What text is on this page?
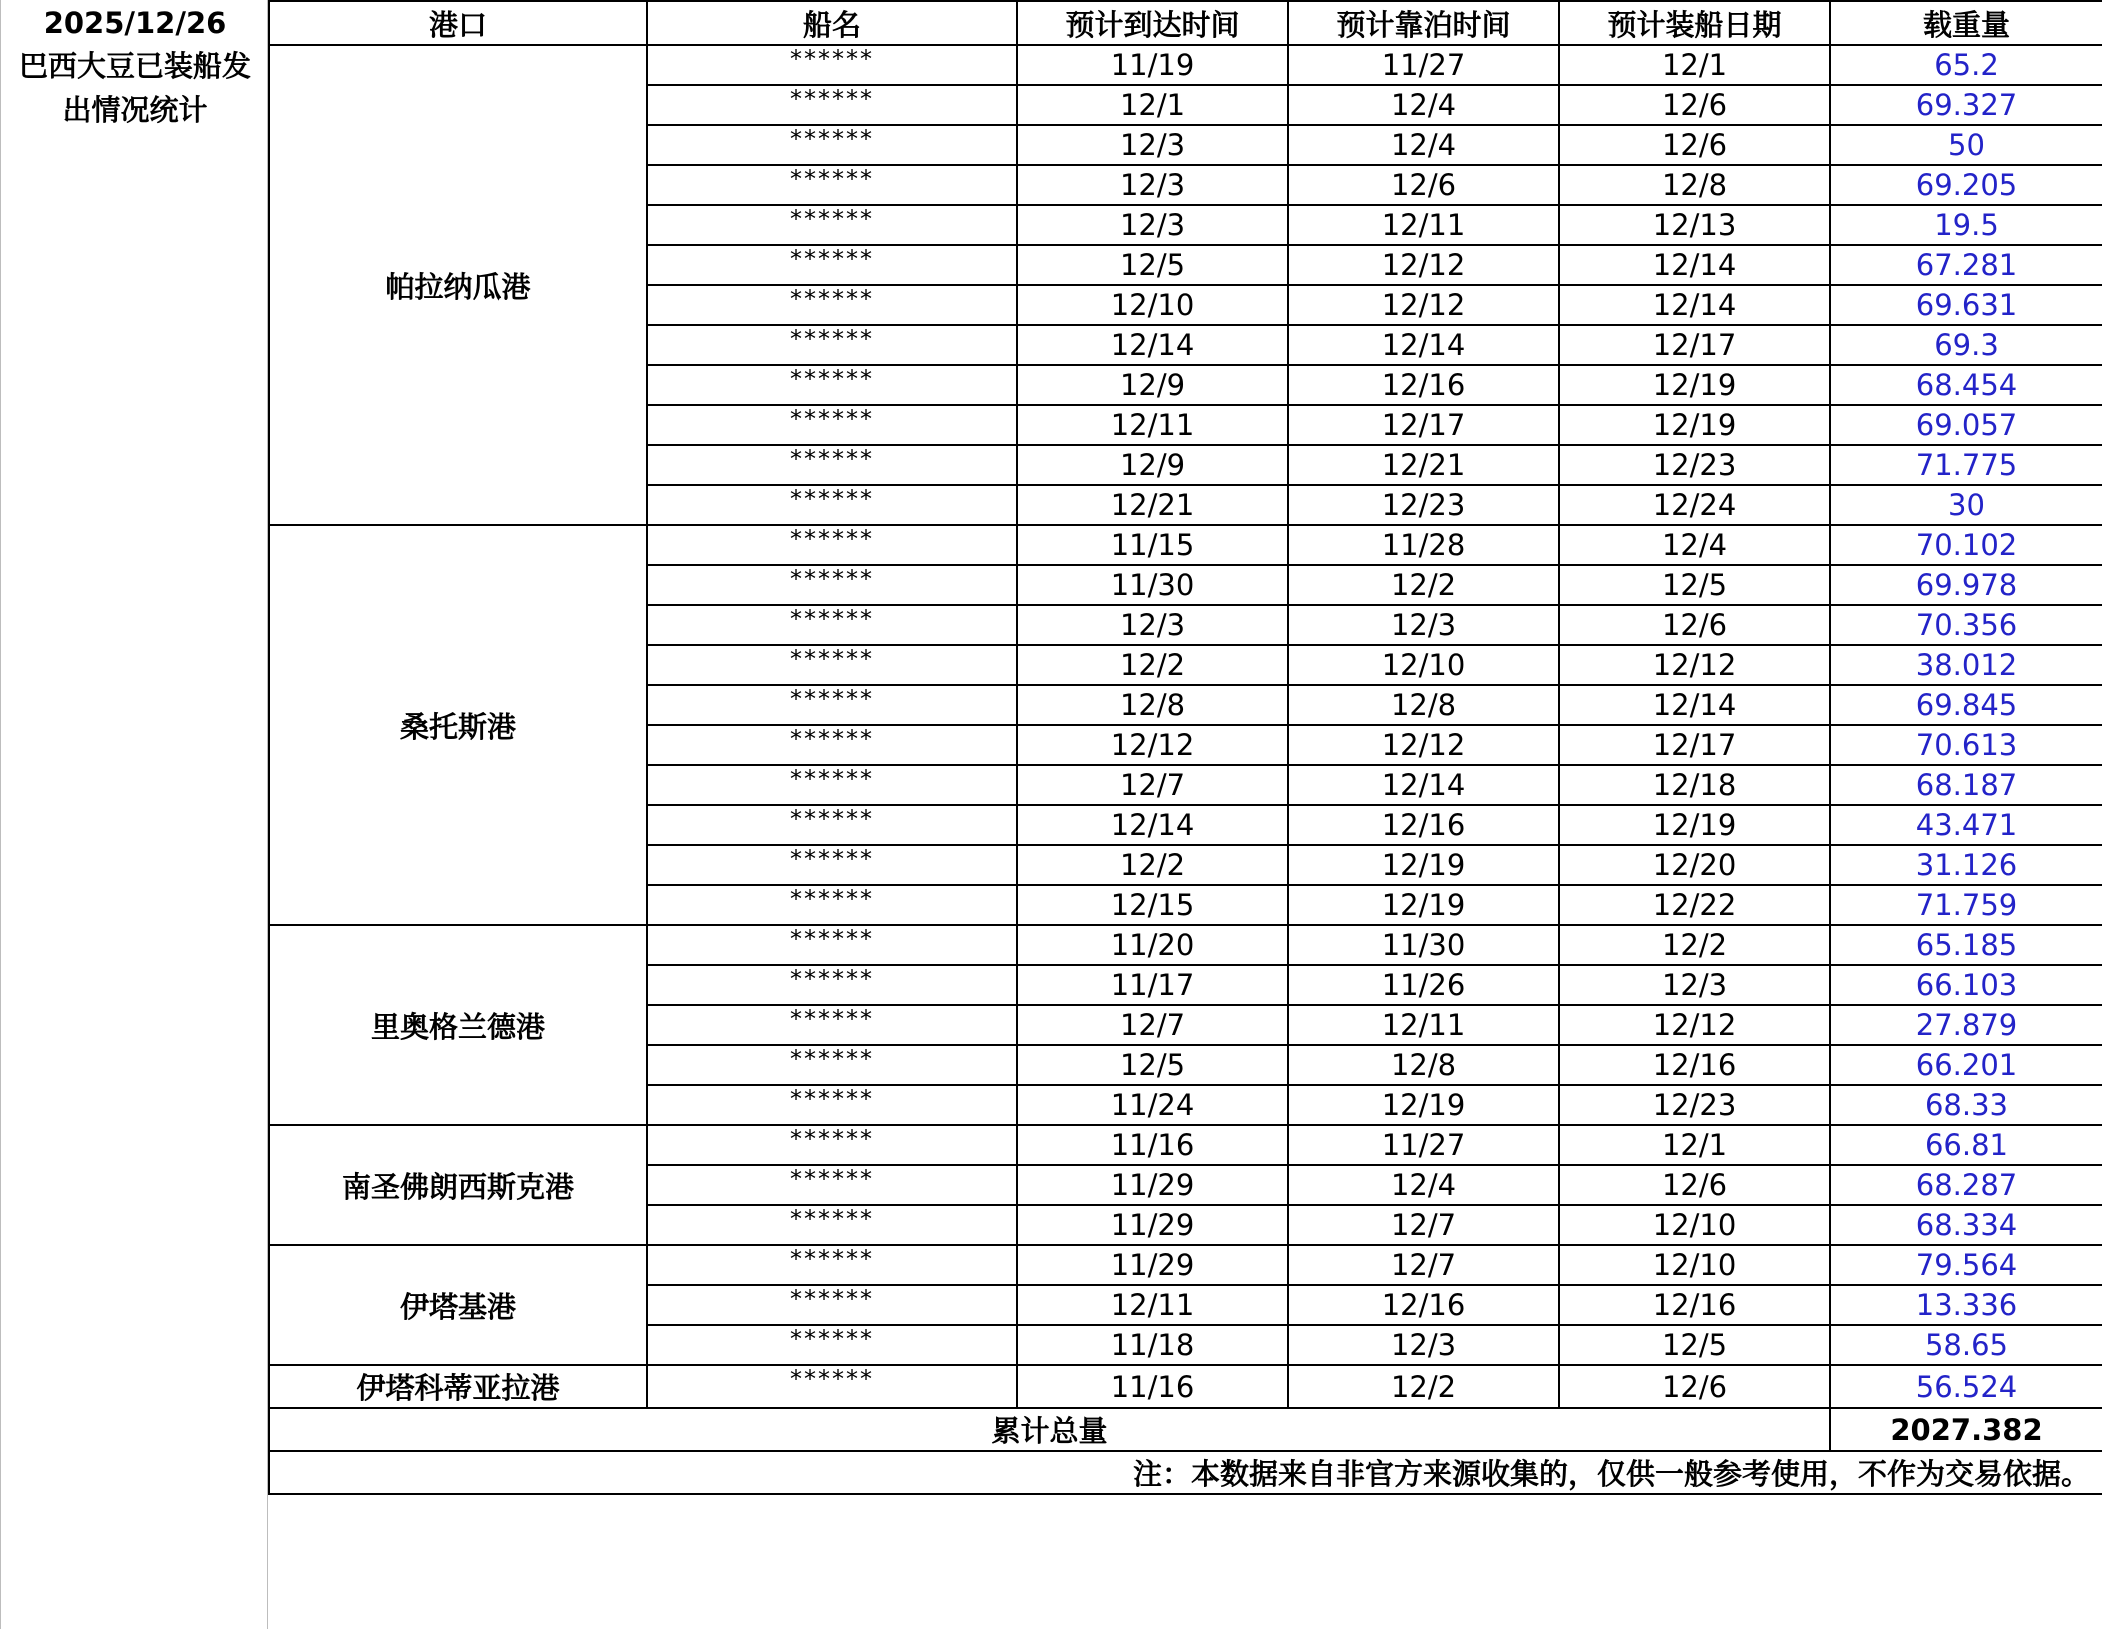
2025/12/26
巴西大豆已装船发出情况统计
港口	船名	预计到达时间	预计靠泊时间	预计装船日期	载重量
帕拉纳瓜港	******	11/19	11/27	12/1	65.2
	******	12/1	12/4	12/6	69.327
	******	12/3	12/4	12/6	50
	******	12/3	12/6	12/8	69.205
	******	12/3	12/11	12/13	19.5
	******	12/5	12/12	12/14	67.281
	******	12/10	12/12	12/14	69.631
	******	12/14	12/14	12/17	69.3
	******	12/9	12/16	12/19	68.454
	******	12/11	12/17	12/19	69.057
	******	12/9	12/21	12/23	71.775
	******	12/21	12/23	12/24	30
桑托斯港	******	11/15	11/28	12/4	70.102
	******	11/30	12/2	12/5	69.978
	******	12/3	12/3	12/6	70.356
	******	12/2	12/10	12/12	38.012
	******	12/8	12/8	12/14	69.845
	******	12/12	12/12	12/17	70.613
	******	12/7	12/14	12/18	68.187
	******	12/14	12/16	12/19	43.471
	******	12/2	12/19	12/20	31.126
	******	12/15	12/19	12/22	71.759
里奥格兰德港	******	11/20	11/30	12/2	65.185
	******	11/17	11/26	12/3	66.103
	******	12/7	12/11	12/12	27.879
	******	12/5	12/8	12/16	66.201
	******	11/24	12/19	12/23	68.33
南圣佛朗西斯克港	******	11/16	11/27	12/1	66.81
	******	11/29	12/4	12/6	68.287
	******	11/29	12/7	12/10	68.334
伊塔基港	******	11/29	12/7	12/10	79.564
	******	12/11	12/16	12/16	13.336
	******	11/18	12/3	12/5	58.65
伊塔科蒂亚拉港	******	11/16	12/2	12/6	56.524
累计总量					2027.382
注：本数据来自非官方来源收集的，仅供一般参考使用，不作为交易依据。					
